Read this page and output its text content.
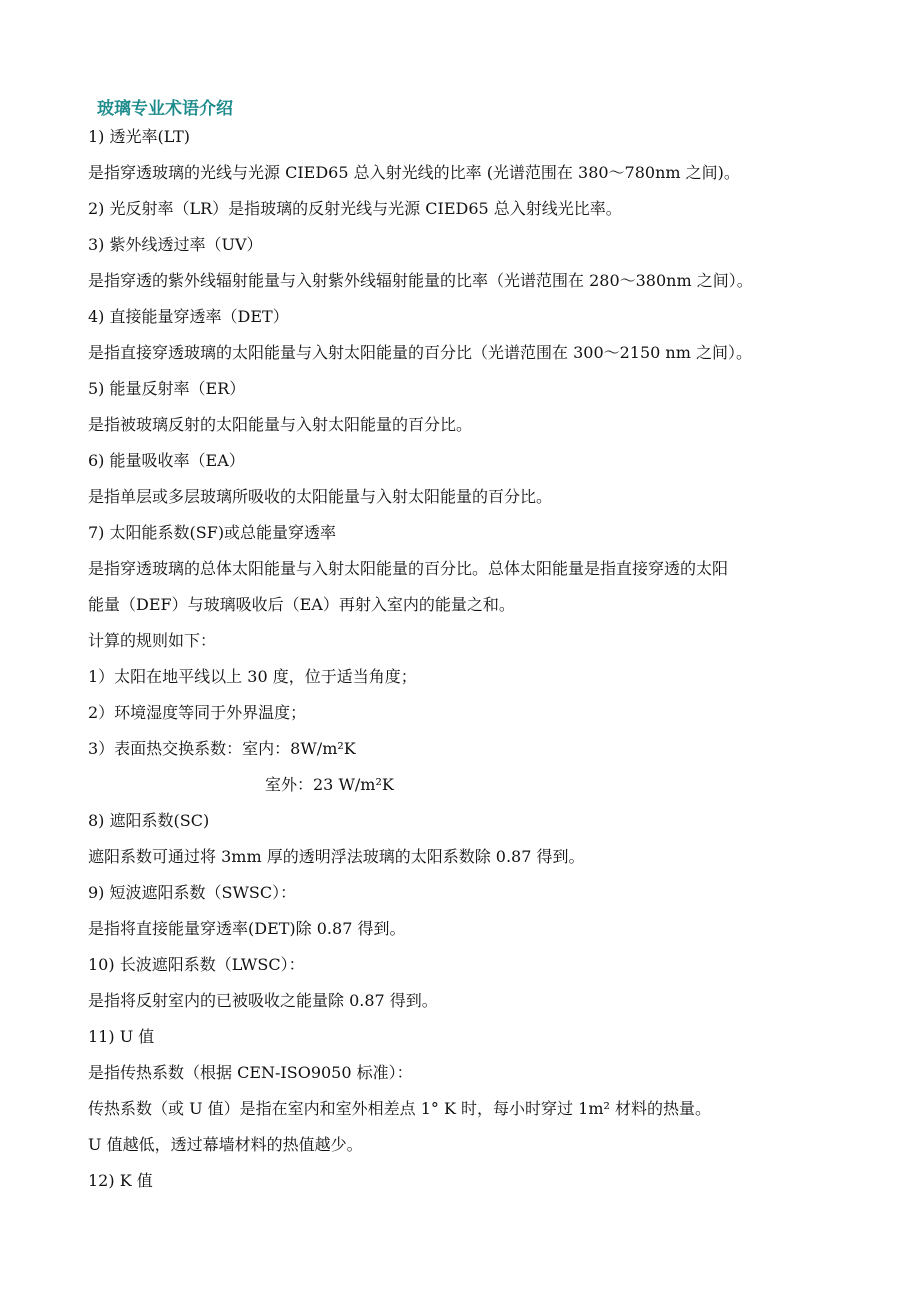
玻璃专业术语介绍
1) 透光率(LT)
是指穿透玻璃的光线与光源 CIED65 总入射光线的比率 (光谱范围在 380～780nm 之间)。
2) 光反射率（LR）是指玻璃的反射光线与光源 CIED65 总入射线光比率。
3) 紫外线透过率（UV）
是指穿透的紫外线辐射能量与入射紫外线辐射能量的比率（光谱范围在 280～380nm 之间）。
4) 直接能量穿透率（DET）
是指直接穿透玻璃的太阳能量与入射太阳能量的百分比（光谱范围在 300～2150 nm 之间）。
5) 能量反射率（ER）
是指被玻璃反射的太阳能量与入射太阳能量的百分比。
6) 能量吸收率（EA）
是指单层或多层玻璃所吸收的太阳能量与入射太阳能量的百分比。
7) 太阳能系数(SF)或总能量穿透率
是指穿透玻璃的总体太阳能量与入射太阳能量的百分比。总体太阳能量是指直接穿透的太阳
能量（DEF）与玻璃吸收后（EA）再射入室内的能量之和。
计算的规则如下：
1）太阳在地平线以上 30 度，位于适当角度；
2）环境湿度等同于外界温度；
3）表面热交换系数：室内：8W/m²K
室外：23 W/m²K
8) 遮阳系数(SC)
遮阳系数可通过将 3mm 厚的透明浮法玻璃的太阳系数除 0.87 得到。
9) 短波遮阳系数（SWSC）：
是指将直接能量穿透率(DET)除 0.87 得到。
10) 长波遮阳系数（LWSC）：
是指将反射室内的已被吸收之能量除 0.87 得到。
11) U 值
是指传热系数（根据 CEN-ISO9050 标准）：
传热系数（或 U 值）是指在室内和室外相差点 1° K 时，每小时穿过 1m² 材料的热量。
U 值越低，透过幕墙材料的热值越少。
12) K 值
